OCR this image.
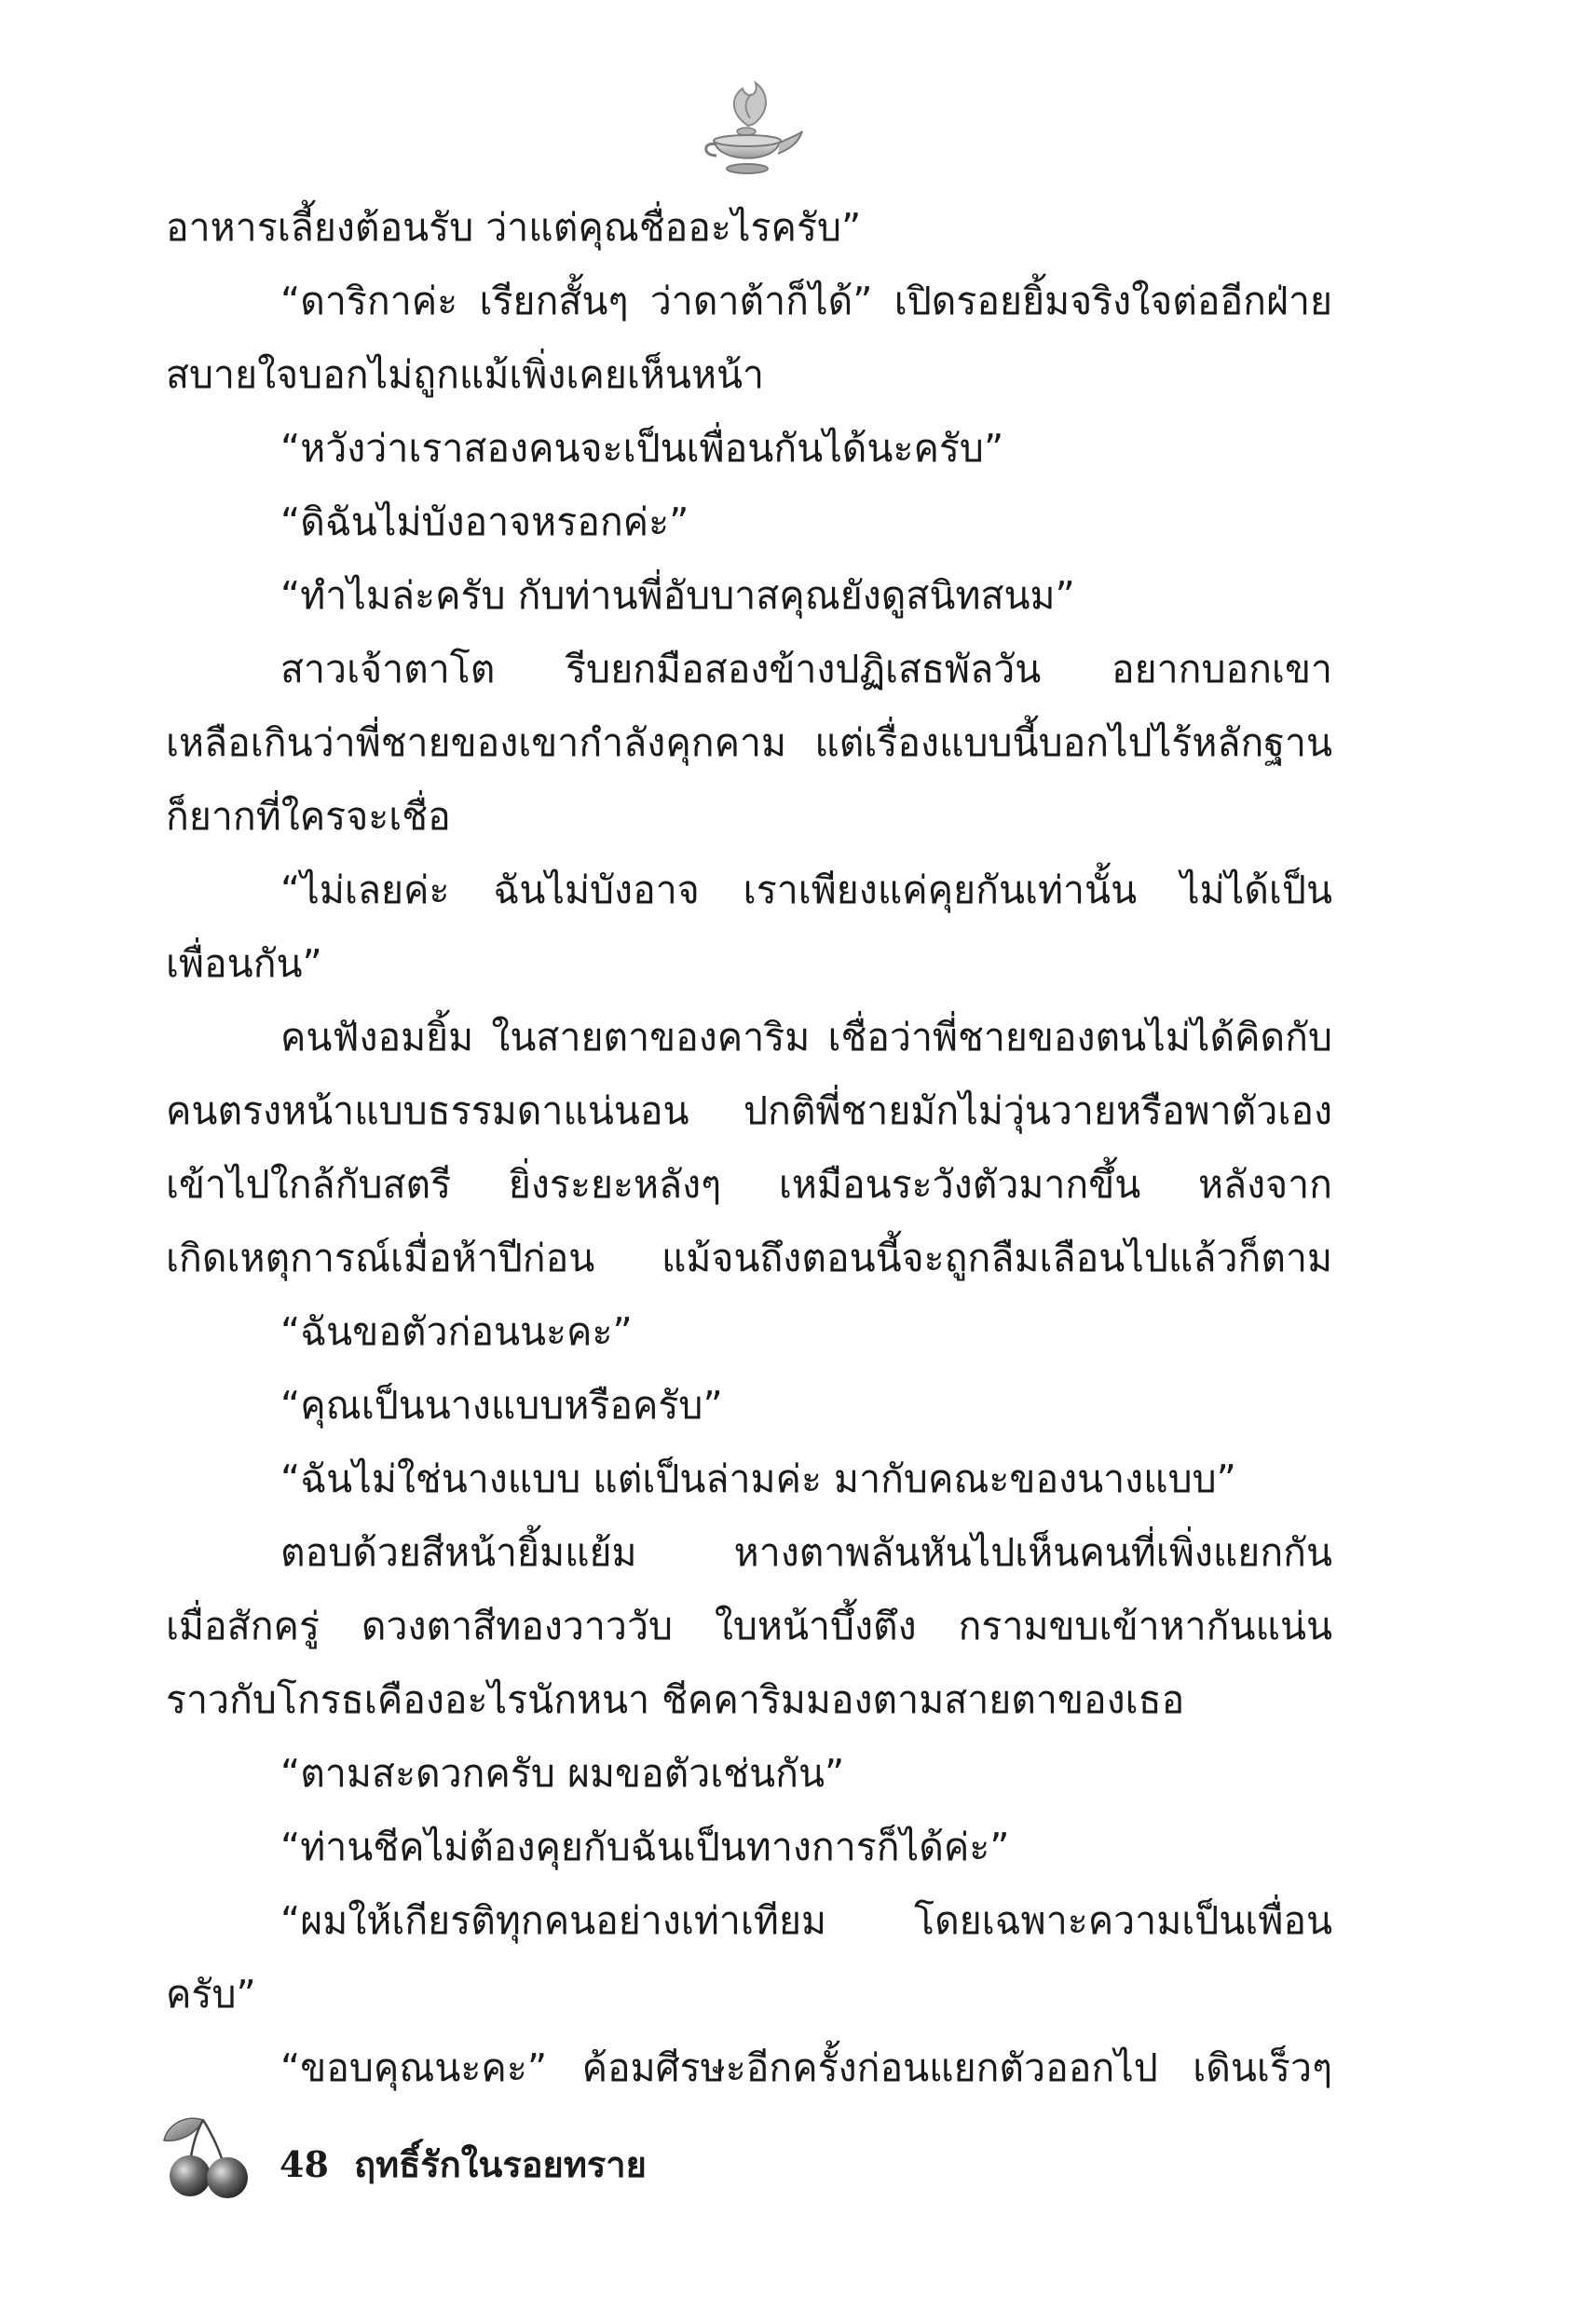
อาหารเลี้ยงต้อนรับ ว่าแต่คุณชื่ออะไรครับ”
“ดาริกาค่ะ เรียกสั้นๆ ว่าดาต้าก็ได้” เปิดรอยยิ้มจริงใจต่ออีกฝ่าย
สบายใจบอกไม่ถูกแม้เพิ่งเคยเห็นหน้า
“หวังว่าเราสองคนจะเป็นเพื่อนกันได้นะครับ”
“ดิฉันไม่บังอาจหรอกค่ะ”
“ทำไมล่ะครับ กับท่านพี่อับบาสคุณยังดูสนิทสนม”
สาวเจ้าตาโต รีบยกมือสองข้างปฏิเสธพัลวัน อยากบอกเขา
เหลือเกินว่าพี่ชายของเขากำลังคุกคาม แต่เรื่องแบบนี้บอกไปไร้หลักฐาน
ก็ยากที่ใครจะเชื่อ
“ไม่เลยค่ะ ฉันไม่บังอาจ เราเพียงแค่คุยกันเท่านั้น ไม่ได้เป็น
เพื่อนกัน”
คนฟังอมยิ้ม ในสายตาของคาริม เชื่อว่าพี่ชายของตนไม่ได้คิดกับ
คนตรงหน้าแบบธรรมดาแน่นอน ปกติพี่ชายมักไม่วุ่นวายหรือพาตัวเอง
เข้าไปใกล้กับสตรี ยิ่งระยะหลังๆ เหมือนระวังตัวมากขึ้น หลังจาก
เกิดเหตุการณ์เมื่อห้าปีก่อน แม้จนถึงตอนนี้จะถูกลืมเลือนไปแล้วก็ตาม
“ฉันขอตัวก่อนนะคะ”
“คุณเป็นนางแบบหรือครับ”
“ฉันไม่ใช่นางแบบ แต่เป็นล่ามค่ะ มากับคณะของนางแบบ”
ตอบด้วยสีหน้ายิ้มแย้ม หางตาพลันหันไปเห็นคนที่เพิ่งแยกกัน
เมื่อสักครู่ ดวงตาสีทองวาววับ ใบหน้าบึ้งตึง กรามขบเข้าหากันแน่น
ราวกับโกรธเคืองอะไรนักหนา ชีคคาริมมองตามสายตาของเธอ
“ตามสะดวกครับ ผมขอตัวเช่นกัน”
“ท่านชีคไม่ต้องคุยกับฉันเป็นทางการก็ได้ค่ะ”
“ผมให้เกียรติทุกคนอย่างเท่าเทียม โดยเฉพาะความเป็นเพื่อน
ครับ”
“ขอบคุณนะคะ” ค้อมศีรษะอีกครั้งก่อนแยกตัวออกไป เดินเร็วๆ
48 ฤทธิ์รักในรอยทราย
